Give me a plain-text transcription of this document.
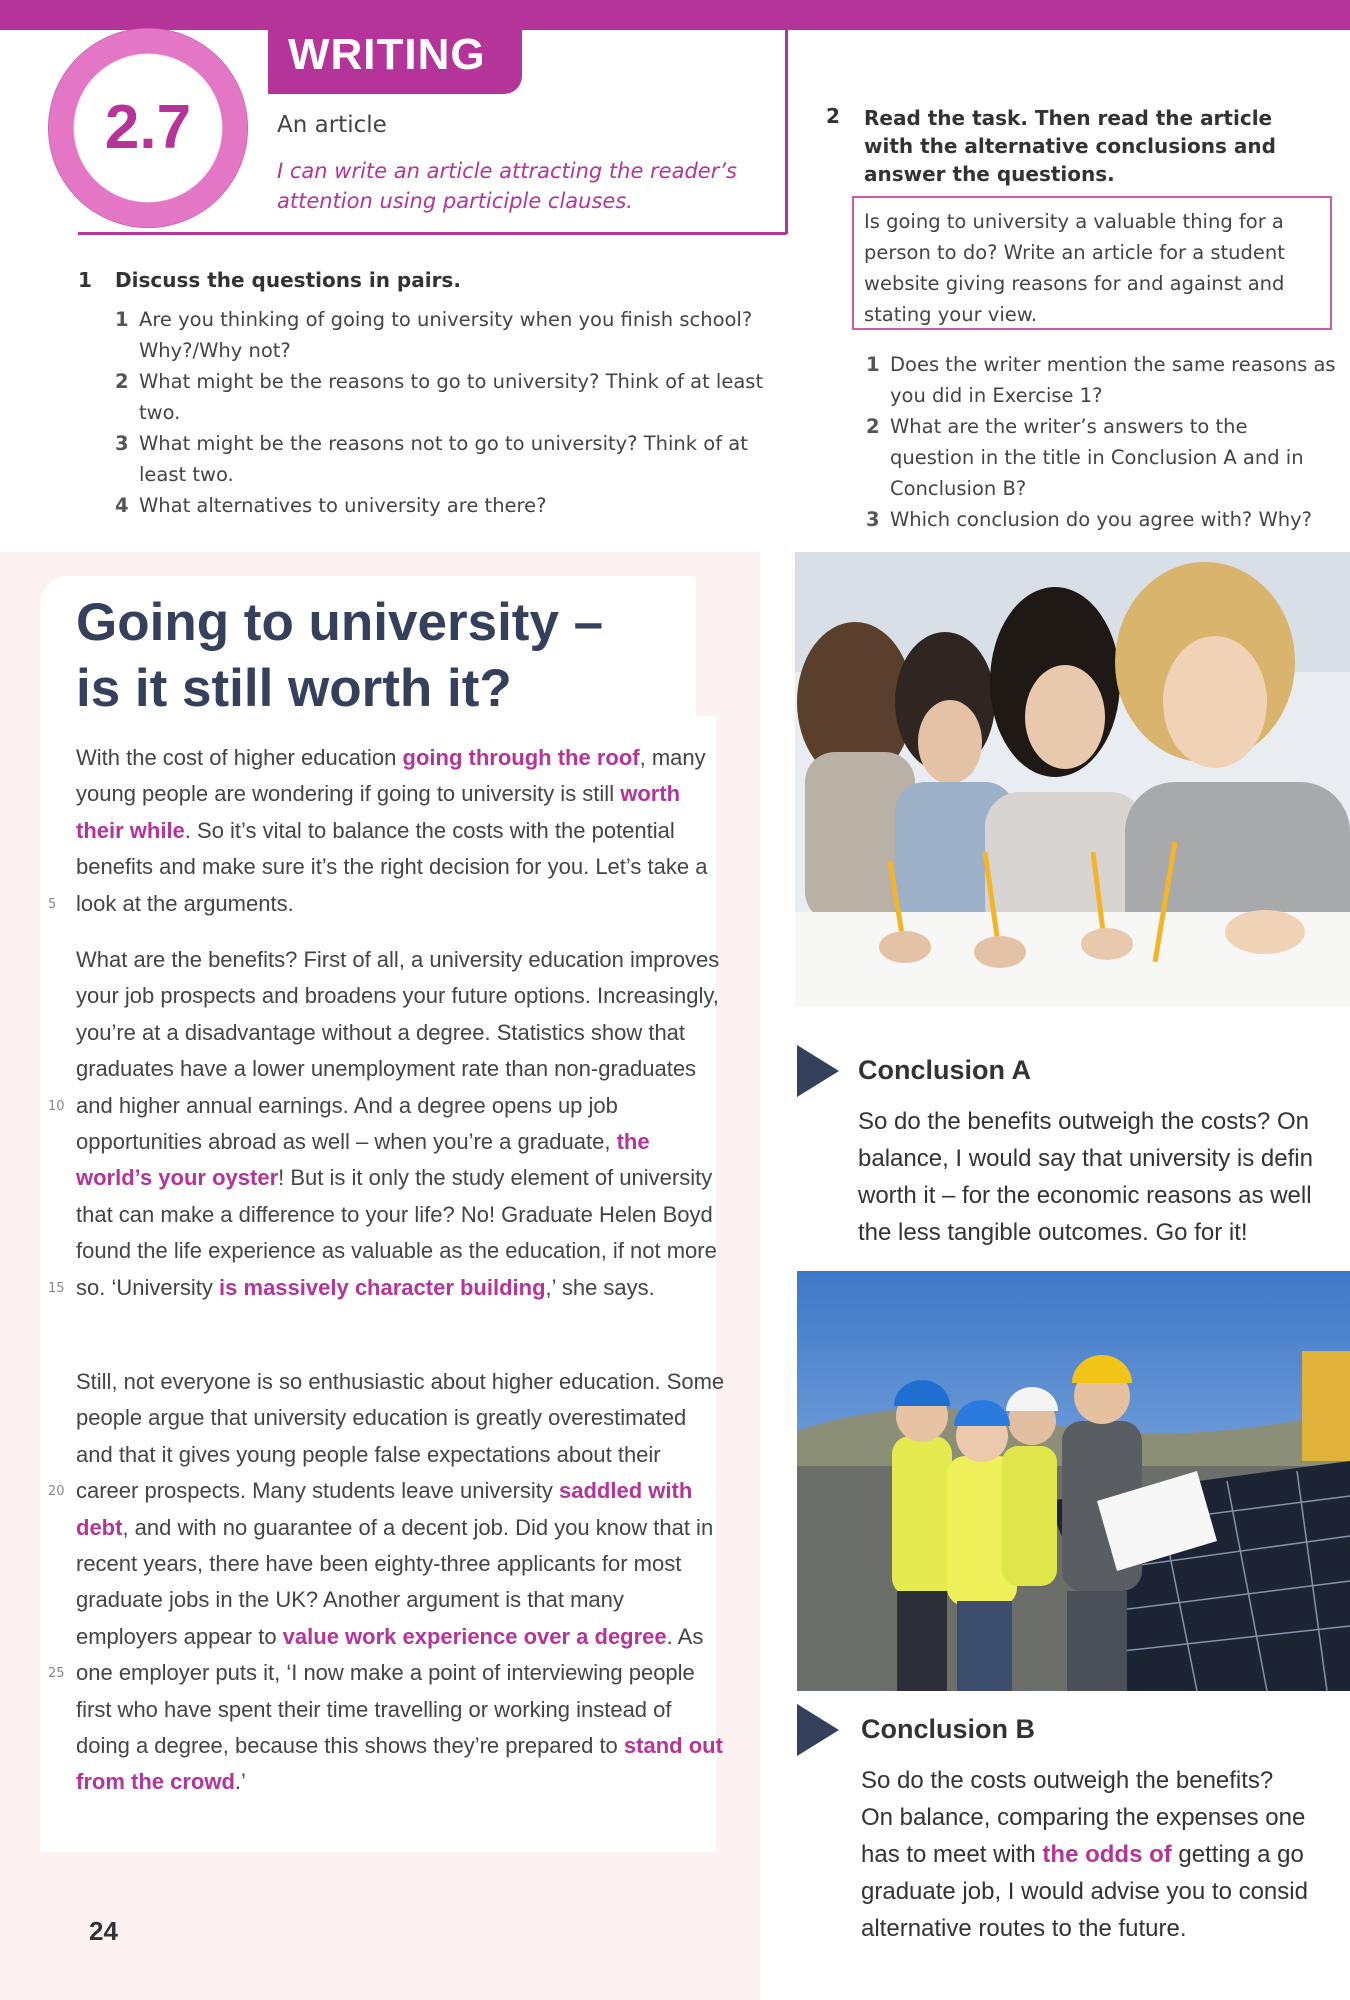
2.7
WRITING
An article
I can write an article attracting the reader’s attention using participle clauses.
1 Discuss the questions in pairs.
1 Are you thinking of going to university when you finish school? Why?/Why not?
2 What might be the reasons to go to university? Think of at least two.
3 What might be the reasons not to go to university? Think of at least two.
4 What alternatives to university are there?
2 Read the task. Then read the article with the alternative conclusions and answer the questions.
Is going to university a valuable thing for a person to do? Write an article for a student website giving reasons for and against and stating your view.
1 Does the writer mention the same reasons as you did in Exercise 1?
2 What are the writer’s answers to the question in the title in Conclusion A and in Conclusion B?
3 Which conclusion do you agree with? Why?
Going to university –
is it still worth it?
With the cost of higher education going through the roof, many young people are wondering if going to university is still worth their while. So it’s vital to balance the costs with the potential benefits and make sure it’s the right decision for you. Let’s take a look at the arguments.
What are the benefits? First of all, a university education improves your job prospects and broadens your future options. Increasingly, you’re at a disadvantage without a degree. Statistics show that graduates have a lower unemployment rate than non-graduates and higher annual earnings. And a degree opens up job opportunities abroad as well – when you’re a graduate, the world’s your oyster! But is it only the study element of university that can make a difference to your life? No! Graduate Helen Boyd found the life experience as valuable as the education, if not more so. ‘University is massively character building,’ she says.
Still, not everyone is so enthusiastic about higher education. Some people argue that university education is greatly overestimated and that it gives young people false expectations about their career prospects. Many students leave university saddled with debt, and with no guarantee of a decent job. Did you know that in recent years, there have been eighty-three applicants for most graduate jobs in the UK? Another argument is that many employers appear to value work experience over a degree. As one employer puts it, ‘I now make a point of interviewing people first who have spent their time travelling or working instead of doing a degree, because this shows they’re prepared to stand out from the crowd.’
5
10
15
20
25
24
Conclusion A
So do the benefits outweigh the costs? On
balance, I would say that university is defin
worth it – for the economic reasons as well
the less tangible outcomes. Go for it!
Conclusion B
So do the costs outweigh the benefits?
On balance, comparing the expenses one
has to meet with the odds of getting a go
graduate job, I would advise you to consid
alternative routes to the future.
